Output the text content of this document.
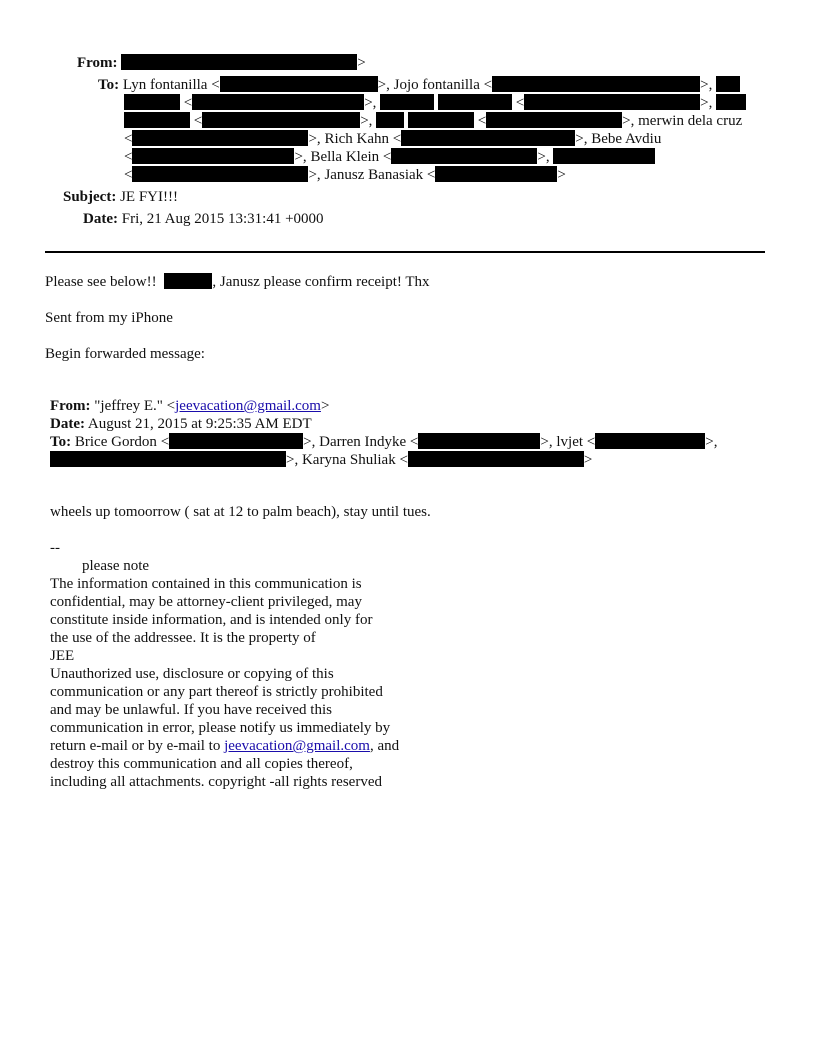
From:	>
To: Lyn fontanilla <	>, Jojo fontanilla <	>,
<	>,	<	>,
<	>,	<	>, merwin dela cruz
<	>, Rich Kahn <	>, Bebe Avdiu
<	>, Bella Klein <	>,
<	>, Janusz Banasiak <	>
Subject: JE FYI!!!
Date: Fri, 21 Aug 2015 13:31:41 +0000
Please see below!!	, Janusz please confirm receipt! Thx
Sent from my iPhone
Begin forwarded message:
From: "jeffrey E." <jeevacation@gmail.com>
Date: August 21, 2015 at 9:25:35 AM EDT
To: Brice Gordon <	>, Darren Indyke <	>, lvjet <	>,
>, Karyna Shuliak <	>
wheels up tomoorrow ( sat at 12 to palm beach), stay until tues.
--
please note
The information contained in this communication is
confidential, may be attorney-client privileged, may
constitute inside information, and is intended only for
the use of the addressee. It is the property of
JEE
Unauthorized use, disclosure or copying of this
communication or any part thereof is strictly prohibited
and may be unlawful. If you have received this
communication in error, please notify us immediately by
return e-mail or by e-mail to jeevacation@gmail.com, and
destroy this communication and all copies thereof,
including all attachments. copyright -all rights reserved
